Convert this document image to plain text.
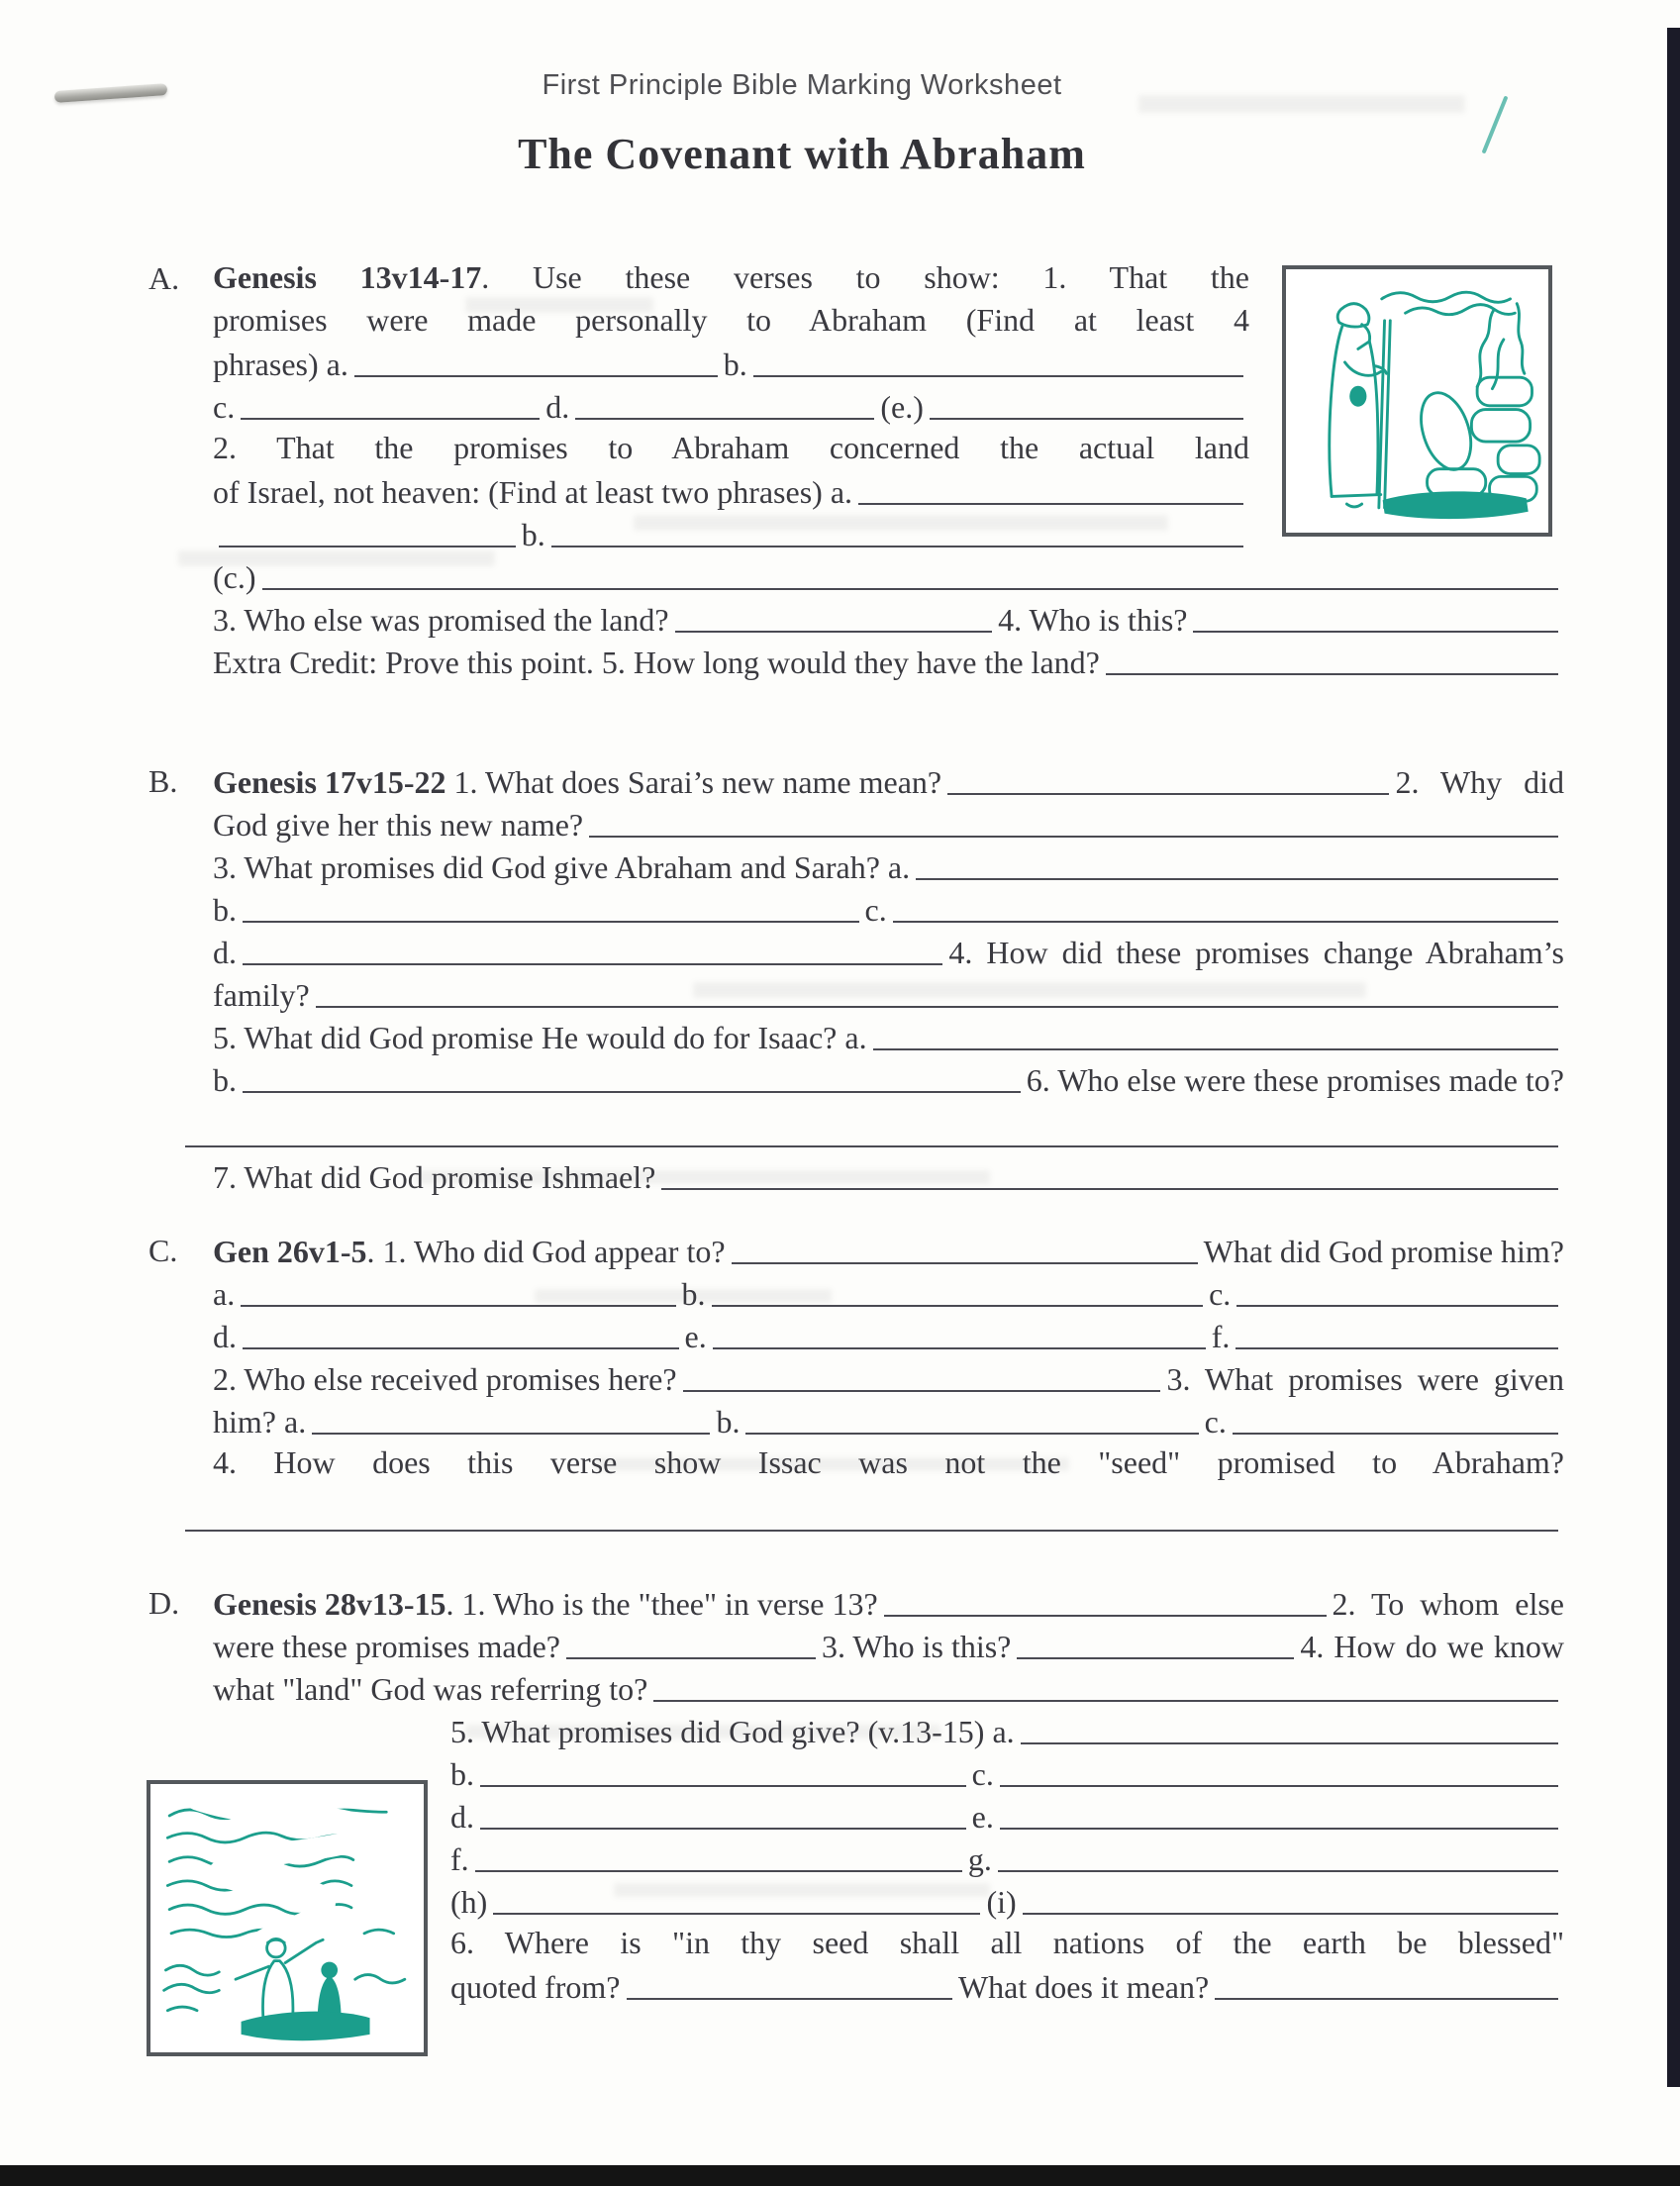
First Principle Bible Marking Worksheet
The Covenant with Abraham
A. Genesis 13v14-17. Use these verses to show: 1. That the
promises were made personally to Abraham (Find at least 4
phrases) a.	b.
c.	d.	(e.)
2. That the promises to Abraham concerned the actual land
of Israel, not heaven: (Find at least two phrases) a.
b.
(c.)
3. Who else was promised the land?	4. Who is this?
Extra Credit: Prove this point. 5. How long would they have the land?
B. Genesis 17v15-22 1. What does Sarai’s new name mean?	2. Why did
God give her this new name?
3. What promises did God give Abraham and Sarah? a.
b.	c.
d.	4. How did these promises change Abraham’s
family?
5. What did God promise He would do for Isaac? a.
b.	6. Who else were these promises made to?
7. What did God promise Ishmael?
C. Gen 26v1-5 . 1. Who did God appear to?	What did God promise him?
a.	b.	c.
d.	e.	f.
2. Who else received promises here?	3. What promises were given
him? a.	b.	c.
4. How does this verse show Issac was not the "seed" promised to Abraham?
D. Genesis 28v13-15 . 1. Who is the "thee" in verse 13?	2. To whom else
were these promises made?	3. Who is this?	4. How do we know
what "land" God was referring to?
5. What promises did God give? (v.13-15) a.
b.	c.
d.	e.
f.	g.
(h)	(i)
6. Where is "in thy seed shall all nations of the earth be blessed"
quoted from?	What does it mean?
